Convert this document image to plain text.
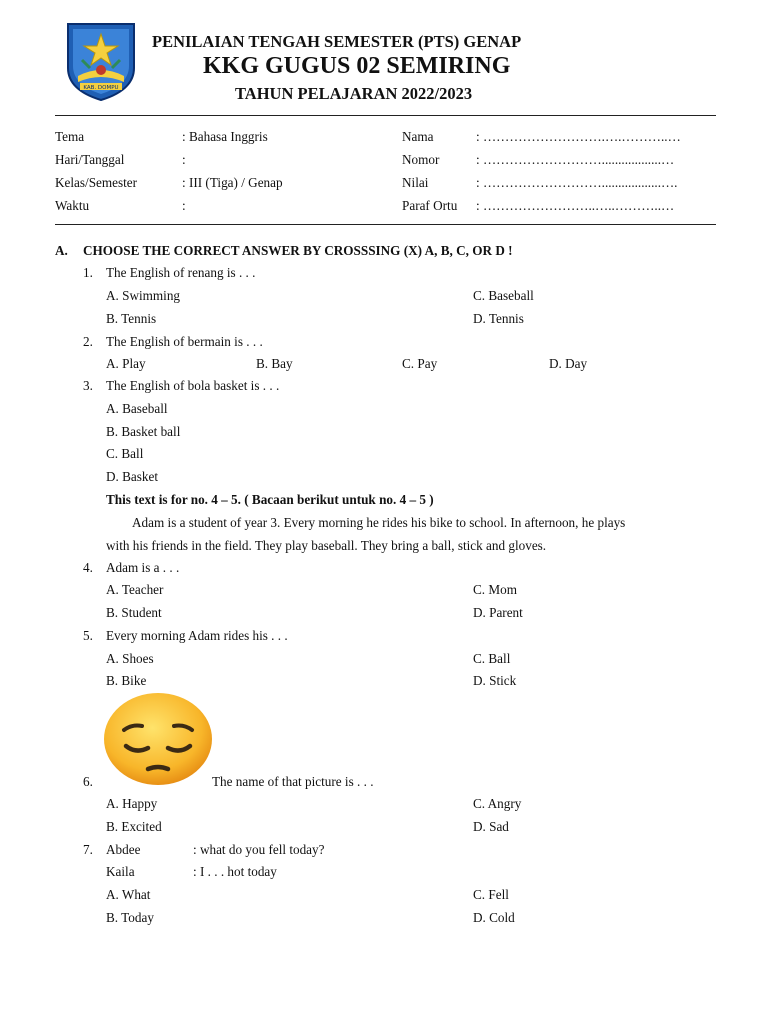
KAB. DOMPU
PENILAIAN TENGAH SEMESTER (PTS) GENAP
KKG GUGUS 02 SEMIRING
TAHUN PELAJARAN 2022/2023
Tema	: Bahasa Inggris
Hari/Tanggal	:
Kelas/Semester	: III (Tiga) / Genap
Waktu	:
Nama	: ……………………….….………..…
Nomor	: ………………………..................…
Nilai	: ………………………..................….
Paraf Ortu : ……………………..…..………..…
A. CHOOSE THE CORRECT ANSWER BY CROSSSING (X) A, B, C, OR D !
1. The English of renang is . . .
A. Swimming	C. Baseball
B. Tennis	D. Tennis
2. The English of bermain is . . .
A. Play	B. Bay	C. Pay	D. Day
3. The English of bola basket is . . .
A. Baseball
B. Basket ball
C. Ball
D. Basket
This text is for no. 4 – 5. ( Bacaan berikut untuk no. 4 – 5 )
Adam is a student of year 3. Every morning he rides his bike to school. In afternoon, he plays
with his friends in the field. They play baseball. They bring a ball, stick and gloves.
4. Adam is a . . .
A. Teacher	C. Mom
B. Student	D. Parent
5. Every morning Adam rides his . . .
A. Shoes	C. Ball
B. Bike	D. Stick
6.	The name of that picture is . . .
A. Happy	C. Angry
B. Excited	D. Sad
7. Abdee	: what do you fell today?
Kaila	: I . . . hot today
A. What	C. Fell
B. Today	D. Cold
